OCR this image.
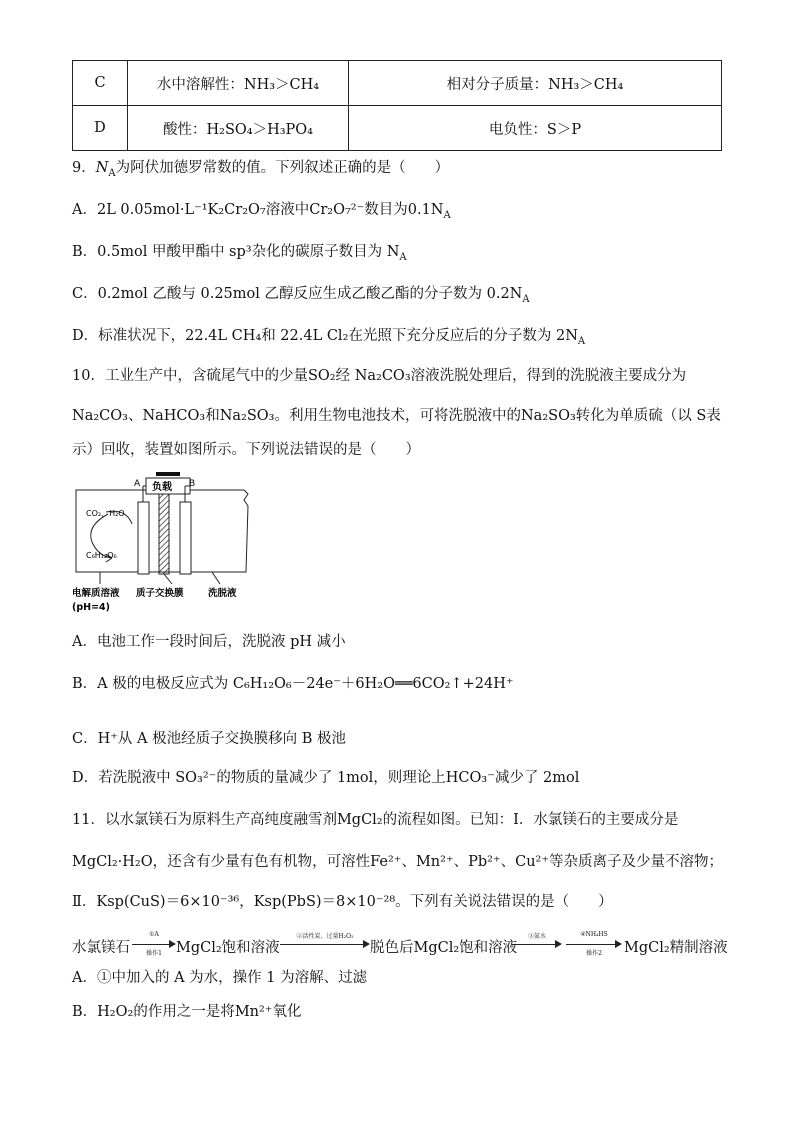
C	水中溶解性：NH₃＞CH₄	相对分子质量：NH₃＞CH₄
D	酸性：H₂SO₄＞H₃PO₄	电负性：S＞P
9．$N_A$为阿伏加德罗常数的值。下列叙述正确的是（　　）
A．2L 0.05mol·L⁻¹K₂Cr₂O₇溶液中Cr₂O₇²⁻数目为$0.1N_A$
B．0.5mol 甲酸甲酯中 sp³杂化的碳原子数目为 $N_A$
C．0.2mol 乙酸与 0.25mol 乙醇反应生成乙酸乙酯的分子数为 $0.2N_A$
D．标准状况下，22.4L CH₄和 22.4L Cl₂在光照下充分反应后的分子数为 $2N_A$
10．工业生产中，含硫尾气中的少量SO₂经 Na₂CO₃溶液洗脱处理后，得到的洗脱液主要成分为
Na₂CO₃、NaHCO₃和Na₂SO₃。利用生物电池技术，可将洗脱液中的Na₂SO₃转化为单质硫（以 S表
示）回收，装置如图所示。下列说法错误的是（　　）
负载
A	B
CO₂、H₂O
C₆H₁₂O₆
电解质溶液 质子交换膜	洗脱液
(pH=4)
A．电池工作一段时间后，洗脱液 pH 减小
B．A 极的电极反应式为 C₆H₁₂O₆－24e⁻＋6H₂O══6CO₂↑+24H⁺
C．H⁺从 A 极池经质子交换膜移向 B 极池
D．若洗脱液中 SO₃²⁻的物质的量减少了 1mol，则理论上HCO₃⁻减少了 2mol
11．以水氯镁石为原料生产高纯度融雪剂MgCl₂的流程如图。已知：Ⅰ．水氯镁石的主要成分是
MgCl₂·H₂O，还含有少量有色有机物，可溶性Fe²⁺、Mn²⁺、Pb²⁺、Cu²⁺等杂质离子及少量不溶物；
Ⅱ．Ksp(CuS)＝6×10⁻³⁶，Ksp(PbS)＝8×10⁻²⁸。下列有关说法错误的是（　　）
水氯镁石
①A
操作1 MgCl₂饱和溶液
②活性炭、过量H₂O₂
脱色后MgCl₂饱和溶液
③氨水	④NH₄HS
操作2	MgCl₂精制溶液
A．①中加入的 A 为水，操作 1 为溶解、过滤
B．H₂O₂的作用之一是将Mn²⁺氧化
